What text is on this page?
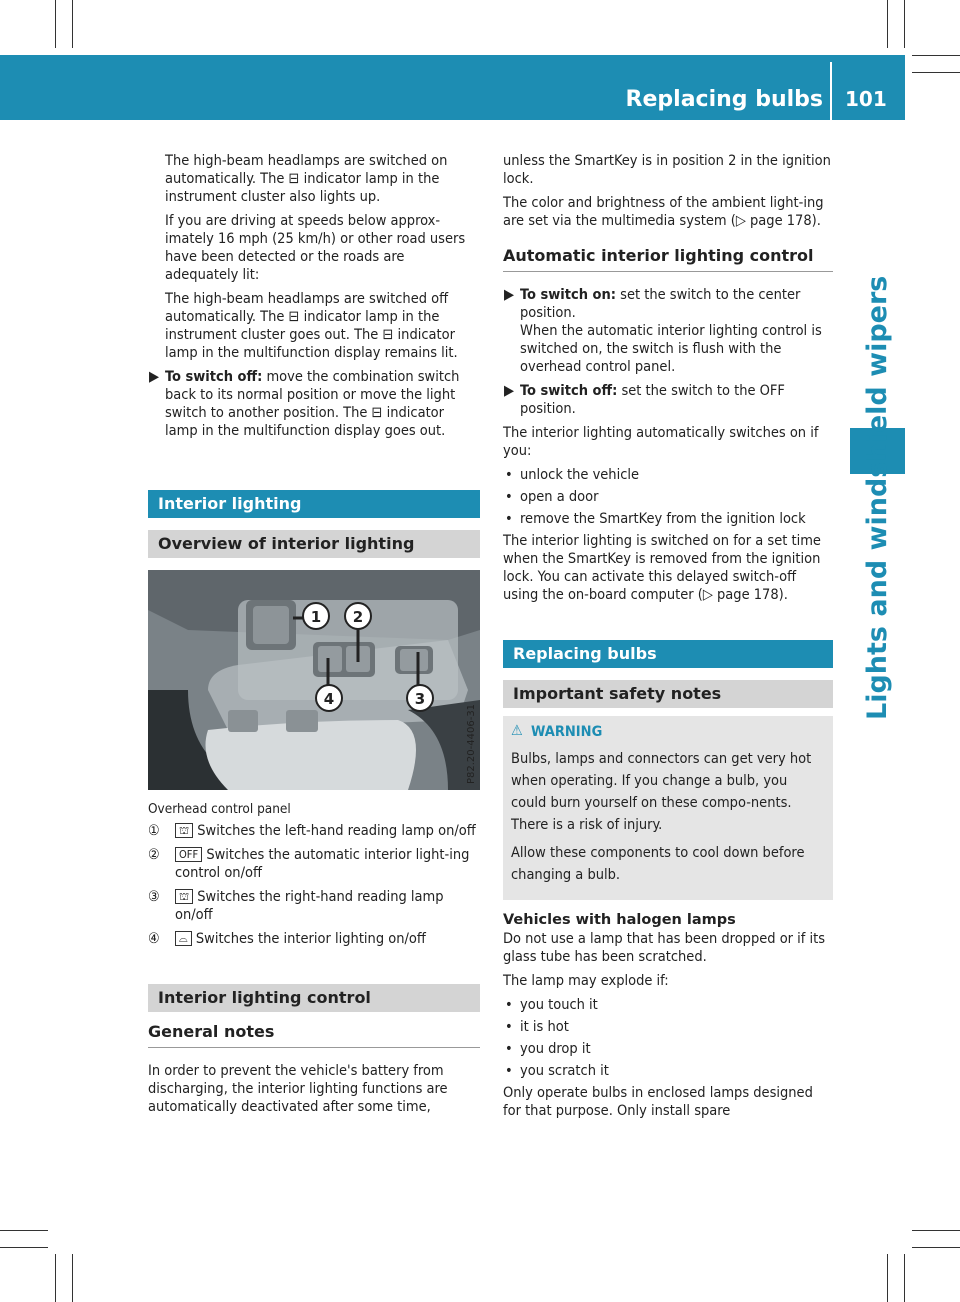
Replacing bulbs 101
Lights and windshield wipers

The high-beam headlamps are switched on automatically. The ⊟ indicator lamp in the instrument cluster also lights up.

If you are driving at speeds below approx-imately 16 mph (25 km/h) or other road users have been detected or the roads are adequately lit:

The high-beam headlamps are switched off automatically. The ⊟ indicator lamp in the instrument cluster goes out. The ⊟ indicator lamp in the multifunction display remains lit.

▶ To switch off: move the combination switch back to its normal position or move the light switch to another position. The ⊟ indicator lamp in the multifunction display goes out.
Interior lighting
Overview of interior lighting
1 2
3
4
P82.20-4406-31

Overhead control panel

① ⛫ Switches the left-hand reading lamp on/off
② OFF Switches the automatic interior light-ing control on/off
③ ⛫ Switches the right-hand reading lamp on/off
④ ⌓ Switches the interior lighting on/off
Interior lighting control
General notes

In order to prevent the vehicle's battery from discharging, the interior lighting functions are automatically deactivated after some time,

unless the SmartKey is in position 2 in the ignition lock.

The color and brightness of the ambient light-ing are set via the multimedia system (▷ page 178).

Automatic interior lighting control
▶ To switch on: set the switch to the center position.
When the automatic interior lighting control is switched on, the switch is flush with the overhead control panel.
▶ To switch off: set the switch to the OFF position.

The interior lighting automatically switches on if you:

• unlock the vehicle
• open a door
• remove the SmartKey from the ignition lock

The interior lighting is switched on for a set time when the SmartKey is removed from the ignition lock. You can activate this delayed switch-off using the on-board computer (▷ page 178).

Replacing bulbs
Important safety notes
⚠ WARNING

Bulbs, lamps and connectors can get very hot when operating. If you change a bulb, you could burn yourself on these compo-nents. There is a risk of injury.

Allow these components to cool down before changing a bulb.

Vehicles with halogen lamps

Do not use a lamp that has been dropped or if its glass tube has been scratched.

The lamp may explode if:

• you touch it
• it is hot
• you drop it
• you scratch it

Only operate bulbs in enclosed lamps designed for that purpose. Only install spare
